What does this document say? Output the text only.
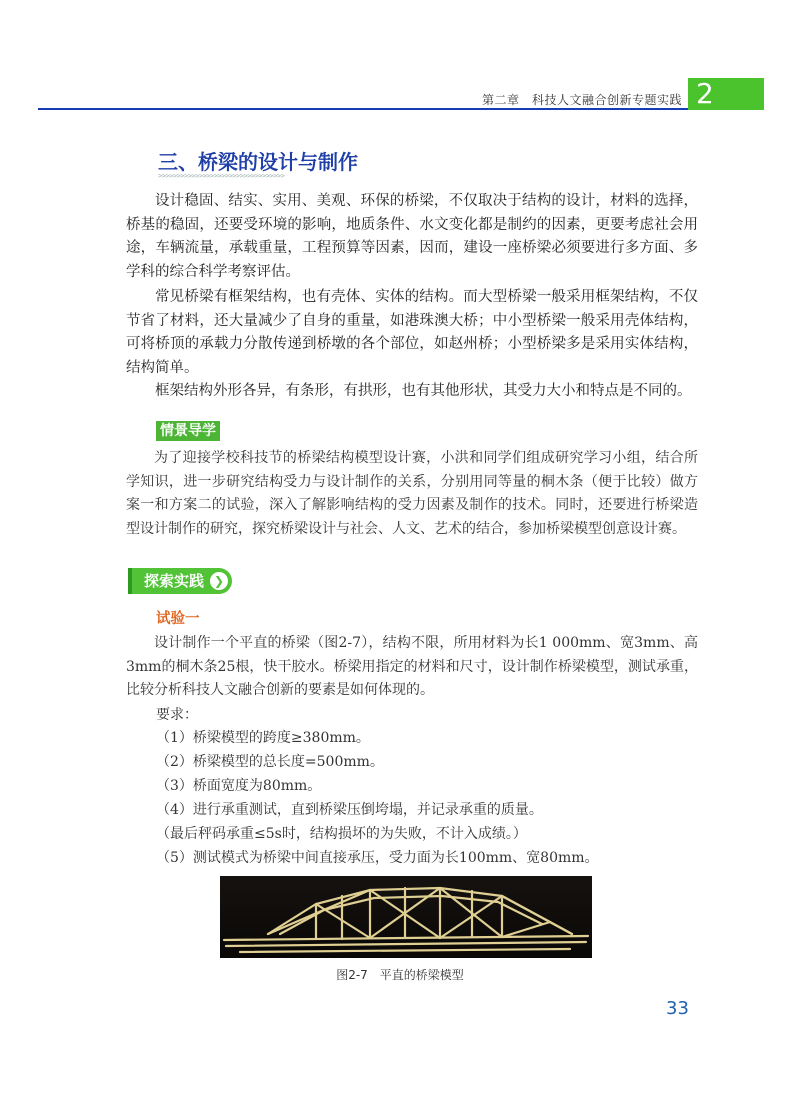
第二章　科技人文融合创新专题实践 2
三、桥梁的设计与制作
>>>>>>>>>>>>>>>>>>>>>>>>>>>>>>>>>>

设计稳固、结实、实用、美观、环保的桥梁，不仅取决于结构的设计，材料的选择，桥基的稳固，还要受环境的影响，地质条件、水文变化都是制约的因素，更要考虑社会用途，车辆流量，承载重量，工程预算等因素，因而，建设一座桥梁必须要进行多方面、多学科的综合科学考察评估。

常见桥梁有框架结构，也有壳体、实体的结构。而大型桥梁一般采用框架结构，不仅节省了材料，还大量减少了自身的重量，如港珠澳大桥；中小型桥梁一般采用壳体结构，可将桥顶的承载力分散传递到桥墩的各个部位，如赵州桥；小型桥梁多是采用实体结构，结构简单。

框架结构外形各异，有条形，有拱形，也有其他形状，其受力大小和特点是不同的。

情景导学

为了迎接学校科技节的桥梁结构模型设计赛，小洪和同学们组成研究学习小组，结合所学知识，进一步研究结构受力与设计制作的关系，分别用同等量的桐木条（便于比较）做方案一和方案二的试验，深入了解影响结构的受力因素及制作的技术。同时，还要进行桥梁造型设计制作的研究，探究桥梁设计与社会、人文、艺术的结合，参加桥梁模型创意设计赛。

探索实践 ❯
试验一

设计制作一个平直的桥梁（图2-7），结构不限，所用材料为长1 000mm、宽3mm、高3mm的桐木条25根，快干胶水。桥梁用指定的材料和尺寸，设计制作桥梁模型，测试承重，比较分析科技人文融合创新的要素是如何体现的。

要求：

（1）桥梁模型的跨度≥380mm。

（2）桥梁模型的总长度=500mm。

（3）桥面宽度为80mm。

（4）进行承重测试，直到桥梁压倒垮塌，并记录承重的质量。

（最后秤码承重≤5s时，结构损坏的为失败，不计入成绩。）

（5）测试模式为桥梁中间直接承压，受力面为长100mm、宽80mm。

图2-7　平直的桥梁模型
33
